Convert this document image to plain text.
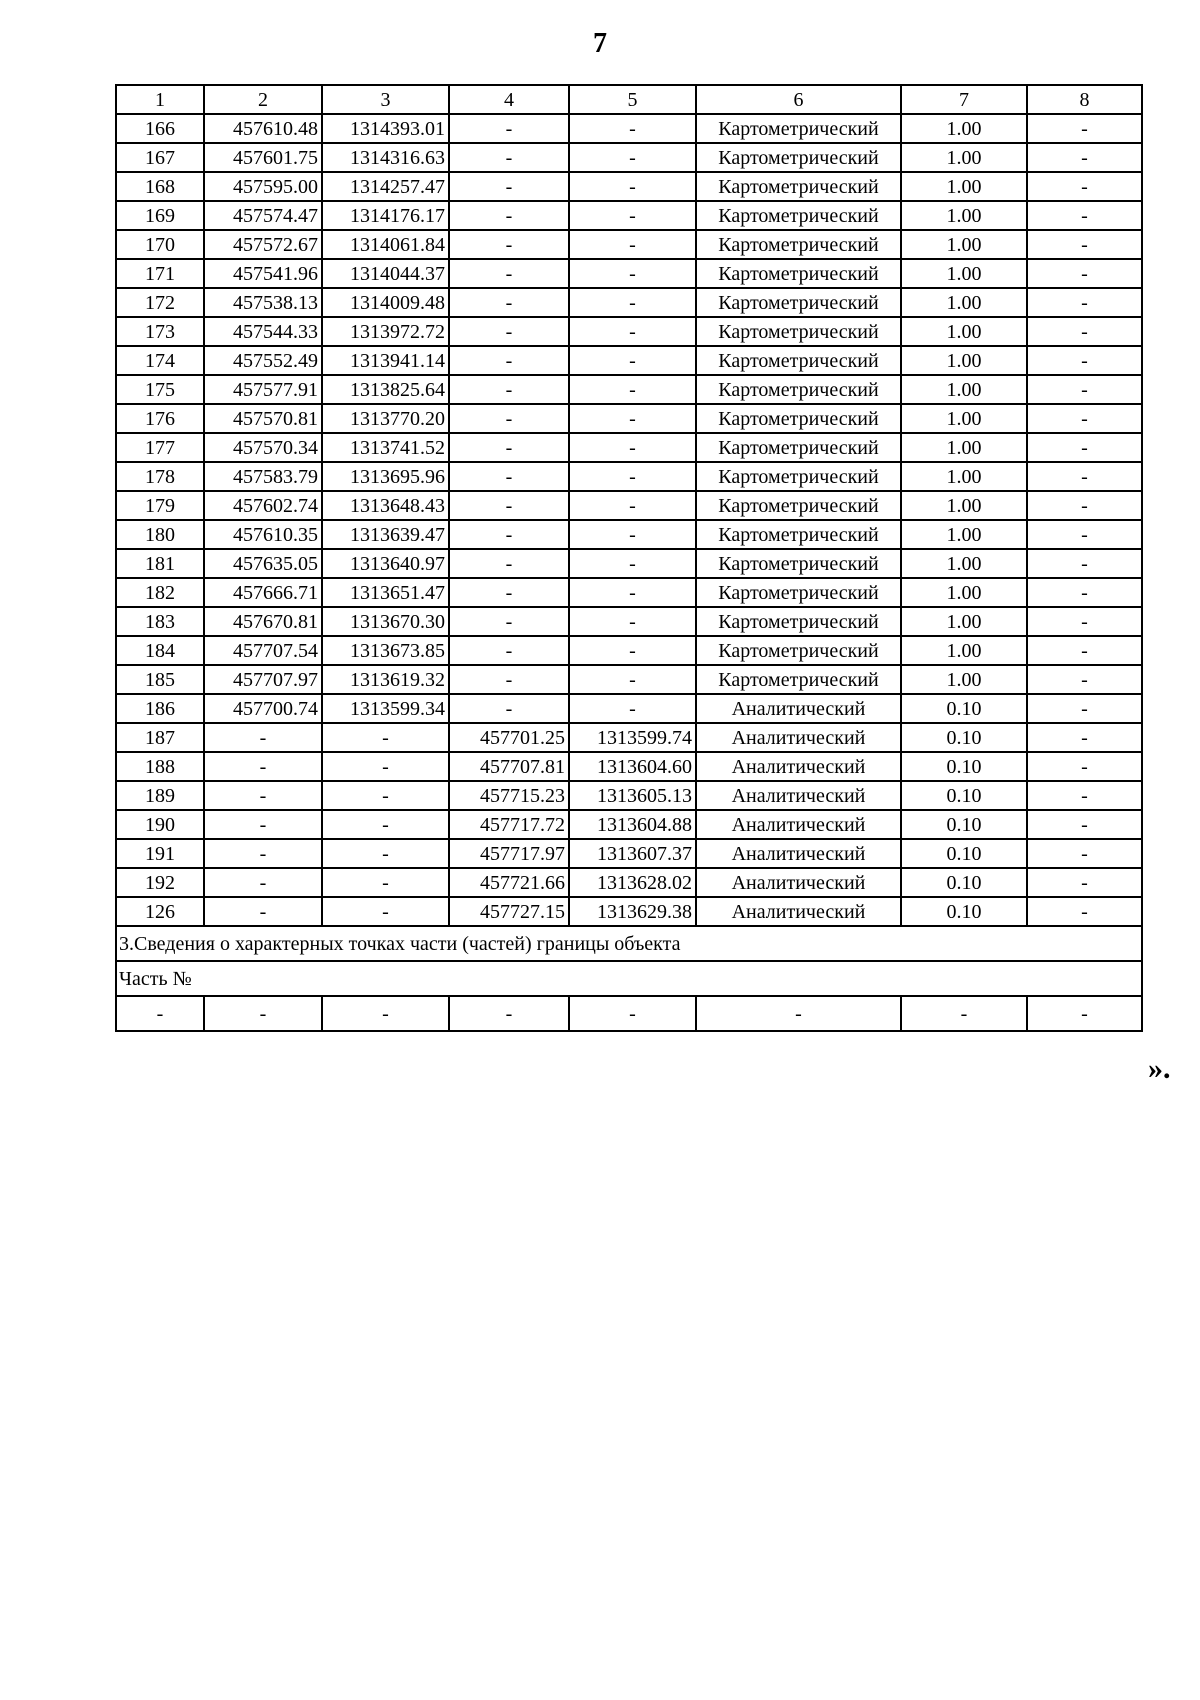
7
1	2	3	4	5	6	7	8
166	457610.48	1314393.01	-	-	Картометрический	1.00	-
167	457601.75	1314316.63	-	-	Картометрический	1.00	-
168	457595.00	1314257.47	-	-	Картометрический	1.00	-
169	457574.47	1314176.17	-	-	Картометрический	1.00	-
170	457572.67	1314061.84	-	-	Картометрический	1.00	-
171	457541.96	1314044.37	-	-	Картометрический	1.00	-
172	457538.13	1314009.48	-	-	Картометрический	1.00	-
173	457544.33	1313972.72	-	-	Картометрический	1.00	-
174	457552.49	1313941.14	-	-	Картометрический	1.00	-
175	457577.91	1313825.64	-	-	Картометрический	1.00	-
176	457570.81	1313770.20	-	-	Картометрический	1.00	-
177	457570.34	1313741.52	-	-	Картометрический	1.00	-
178	457583.79	1313695.96	-	-	Картометрический	1.00	-
179	457602.74	1313648.43	-	-	Картометрический	1.00	-
180	457610.35	1313639.47	-	-	Картометрический	1.00	-
181	457635.05	1313640.97	-	-	Картометрический	1.00	-
182	457666.71	1313651.47	-	-	Картометрический	1.00	-
183	457670.81	1313670.30	-	-	Картометрический	1.00	-
184	457707.54	1313673.85	-	-	Картометрический	1.00	-
185	457707.97	1313619.32	-	-	Картометрический	1.00	-
186	457700.74	1313599.34	-	-	Аналитический	0.10	-
187	-	-	457701.25	1313599.74	Аналитический	0.10	-
188	-	-	457707.81	1313604.60	Аналитический	0.10	-
189	-	-	457715.23	1313605.13	Аналитический	0.10	-
190	-	-	457717.72	1313604.88	Аналитический	0.10	-
191	-	-	457717.97	1313607.37	Аналитический	0.10	-
192	-	-	457721.66	1313628.02	Аналитический	0.10	-
126	-	-	457727.15	1313629.38	Аналитический	0.10	-
3.Сведения о характерных точках части (частей) границы объекта							
Часть №							
-	-	-	-	-	-	-	-
».
